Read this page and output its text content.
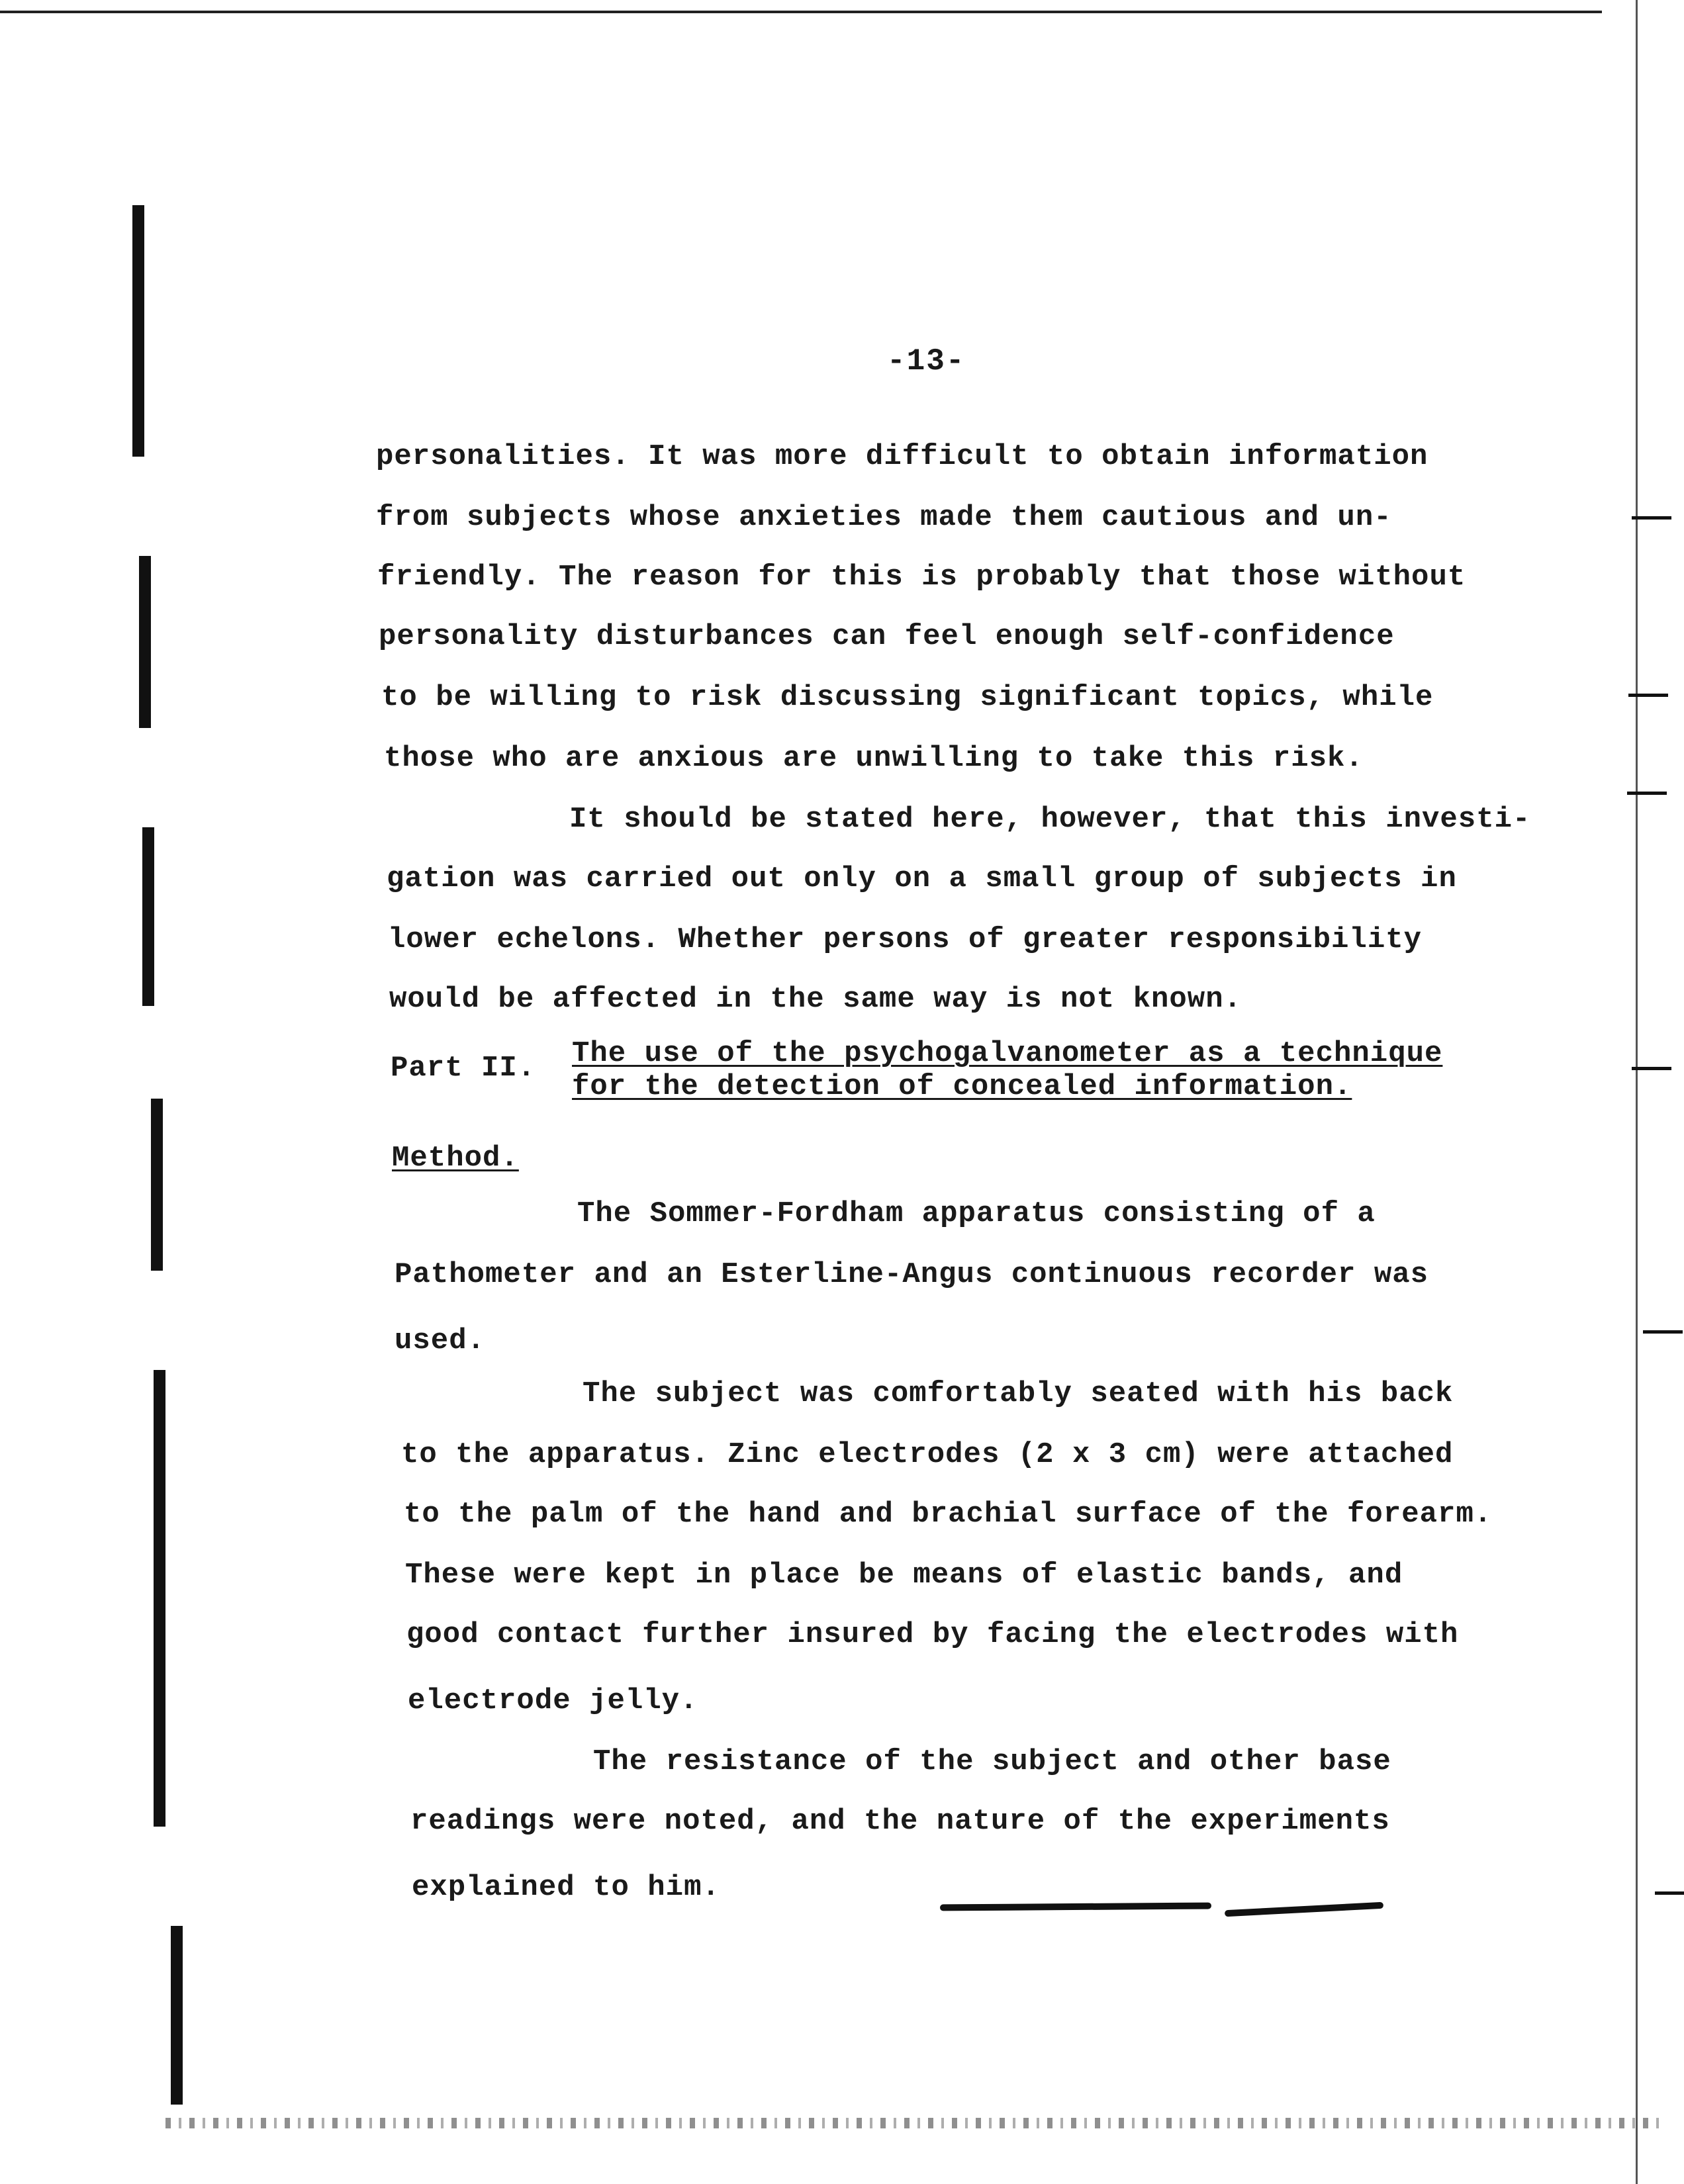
-13-
personalities. It was more difficult to obtain information
from subjects whose anxieties made them cautious and un-
friendly. The reason for this is probably that those without
personality disturbances can feel enough self-confidence
to be willing to risk discussing significant topics, while
those who are anxious are unwilling to take this risk.
It should be stated here, however, that this investi-
gation was carried out only on a small group of subjects in
lower echelons. Whether persons of greater responsibility
would be affected in the same way is not known.
Part II. The use of the psychogalvanometer as a technique
for the detection of concealed information.
Method.
The Sommer-Fordham apparatus consisting of a
Pathometer and an Esterline-Angus continuous recorder was
used.
The subject was comfortably seated with his back
to the apparatus. Zinc electrodes (2 x 3 cm) were attached
to the palm of the hand and brachial surface of the forearm.
These were kept in place be means of elastic bands, and
good contact further insured by facing the electrodes with
electrode jelly.
The resistance of the subject and other base
readings were noted, and the nature of the experiments
explained to him.
